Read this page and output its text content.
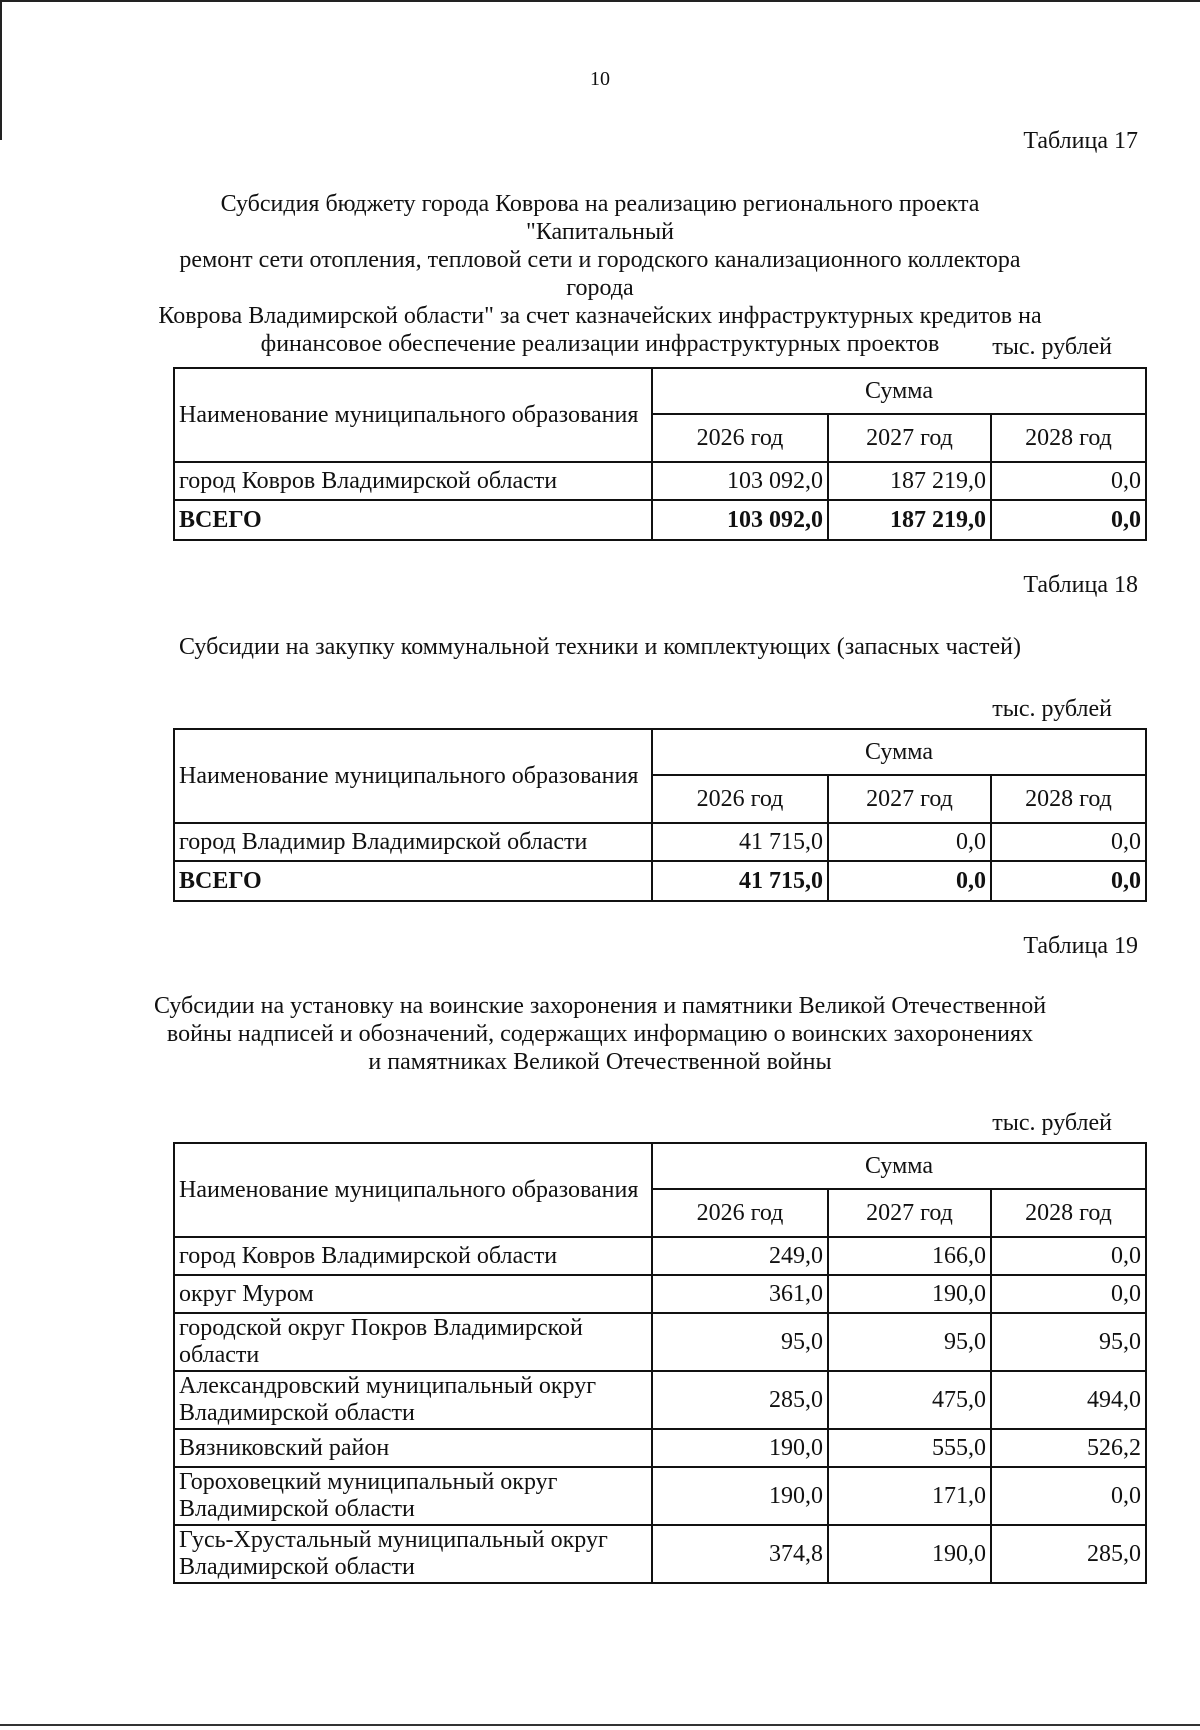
10
Таблица 17
Субсидия бюджету города Коврова на реализацию регионального проекта "Капитальный
ремонт сети отопления, тепловой сети и городского канализационного коллектора города
Коврова Владимирской области" за счет казначейских инфраструктурных кредитов на
финансовое обеспечение реализации инфраструктурных проектов	тыс. рублей
Наименование муниципального образования	Сумма		
	2026 год	2027 год	2028 год
город Ковров Владимирской области	103 092,0	187 219,0	0,0
ВСЕГО	103 092,0	187 219,0	0,0
Таблица 18
Субсидии на закупку коммунальной техники и комплектующих (запасных частей)
тыс. рублей
Наименование муниципального образования	Сумма		
	2026 год	2027 год	2028 год
город Владимир Владимирской области	41 715,0	0,0	0,0
ВСЕГО	41 715,0	0,0	0,0
Таблица 19
Субсидии на установку на воинские захоронения и памятники Великой Отечественной
войны надписей и обозначений, содержащих информацию о воинских захоронениях
и памятниках Великой Отечественной войны
тыс. рублей
Наименование муниципального образования	Сумма		
	2026 год	2027 год	2028 год
город Ковров Владимирской области	249,0	166,0	0,0
округ Муром	361,0	190,0	0,0
городской округ Покров Владимирской
области	95,0	95,0	95,0
Александровский муниципальный округ
Владимирской области	285,0	475,0	494,0
Вязниковский район	190,0	555,0	526,2
Гороховецкий муниципальный округ
Владимирской области	190,0	171,0	0,0
Гусь-Хрустальный муниципальный округ
Владимирской области	374,8	190,0	285,0
